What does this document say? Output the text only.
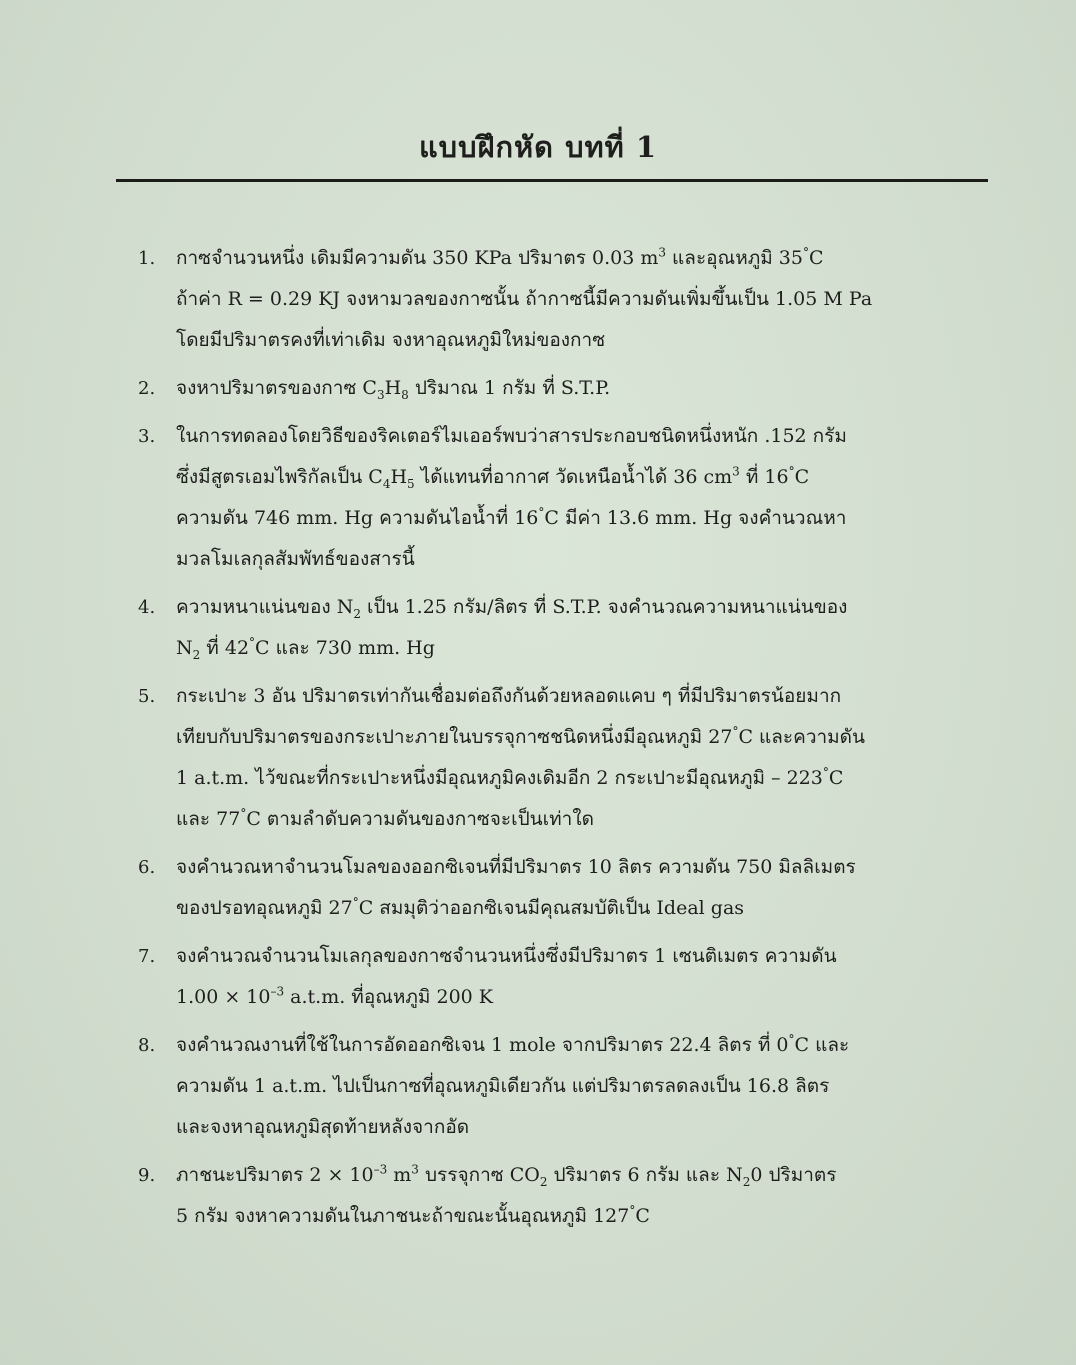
แบบฝึกหัด บทที่ 1
1. กาซจำนวนหนึ่ง เดิมมีความดัน 350 KPa ปริมาตร 0.03 $m^3$ และอุณหภูมิ 35°C
ถ้าค่า R = 0.29 KJ จงหามวลของกาซนั้น ถ้ากาซนี้มีความดันเพิ่มขึ้นเป็น 1.05 M Pa
โดยมีปริมาตรคงที่เท่าเดิม จงหาอุณหภูมิใหม่ของกาซ
2. จงหาปริมาตรของกาซ $C_3H_8$ ปริมาณ 1 กรัม ที่ S.T.P.
3. ในการทดลองโดยวิธีของริคเตอร์ไมเออร์พบว่าสารประกอบชนิดหนึ่งหนัก .152 กรัม
ซึ่งมีสูตรเอมไพริกัลเป็น $C_4H_5$ ได้แทนที่อากาศ วัดเหนือน้ำได้ 36 $cm^3$ ที่ 16°C
ความดัน 746 mm. Hg ความดันไอน้ำที่ 16°C มีค่า 13.6 mm. Hg จงคำนวณหา
มวลโมเลกุลสัมพัทธ์ของสารนี้
4. ความหนาแน่นของ $N_2$ เป็น 1.25 กรัม/ลิตร ที่ S.T.P. จงคำนวณความหนาแน่นของ
$N_2$ ที่ 42°C และ 730 mm. Hg
5. กระเปาะ 3 อัน ปริมาตรเท่ากันเชื่อมต่อถึงกันด้วยหลอดแคบ ๆ ที่มีปริมาตรน้อยมาก
เทียบกับปริมาตรของกระเปาะภายในบรรจุกาซชนิดหนึ่งมีอุณหภูมิ 27°C และความดัน
1 a.t.m. ไว้ขณะที่กระเปาะหนึ่งมีอุณหภูมิคงเดิมอีก 2 กระเปาะมีอุณหภูมิ – 223°C
และ 77°C ตามลำดับความดันของกาซจะเป็นเท่าใด
6. จงคำนวณหาจำนวนโมลของออกซิเจนที่มีปริมาตร 10 ลิตร ความดัน 750 มิลลิเมตร
ของปรอทอุณหภูมิ 27°C สมมุติว่าออกซิเจนมีคุณสมบัติเป็น Ideal gas
7. จงคำนวณจำนวนโมเลกุลของกาซจำนวนหนึ่งซึ่งมีปริมาตร 1 เซนติเมตร ความดัน
$1.00 \times 10^{-3}$ a.t.m. ที่อุณหภูมิ 200 K
8. จงคำนวณงานที่ใช้ในการอัดออกซิเจน 1 mole จากปริมาตร 22.4 ลิตร ที่ 0°C และ
ความดัน 1 a.t.m. ไปเป็นกาซที่อุณหภูมิเดียวกัน แต่ปริมาตรลดลงเป็น 16.8 ลิตร
และจงหาอุณหภูมิสุดท้ายหลังจากอัด
9. ภาชนะปริมาตร $2 \times 10^{-3}$ $m^3$ บรรจุกาซ $CO_2$ ปริมาตร 6 กรัม และ $N_20$ ปริมาตร
5 กรัม จงหาความดันในภาชนะถ้าขณะนั้นอุณหภูมิ 127°C
